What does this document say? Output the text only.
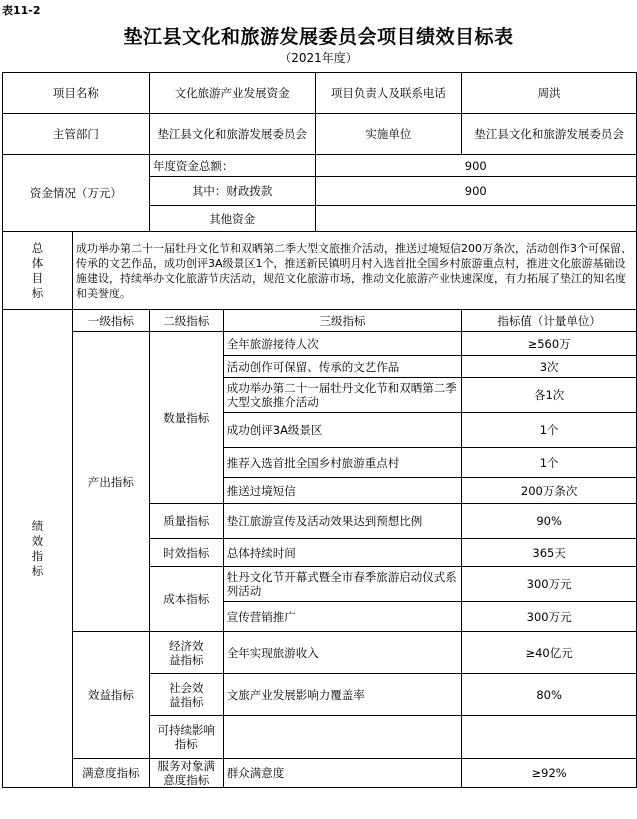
表11-2
垫江县文化和旅游发展委员会项目绩效目标表
（2021年度）
项目名称		文化旅游产业发展资金		项目负责人及联系电话	周洪
主管部门		垫江县文化和旅游发展委员会		实施单位	垫江县文化和旅游发展委员会
资金情况（万元）		年度资金总额：		900	
		其中：财政拨款		900	
		其他资金			
总体目标	成功举办第二十一届牡丹文化节和双晒第二季大型文旅推介活动，推送过境短信200万条次，活动创作3个可保留、传承的文艺作品，成功创评3A级景区1个，推送新民镇明月村入选首批全国乡村旅游重点村，推进文化旅游基础设施建设，持续举办文化旅游节庆活动，规范文化旅游市场，推动文化旅游产业快速深度，有力拓展了垫江的知名度和美誉度。				
绩效指标	一级指标	二级指标	三级指标		指标值（计量单位）
	产出指标	数量指标	全年旅游接待人次		≥560万
			活动创作可保留、传承的文艺作品		3次
			成功举办第二十一届牡丹文化节和双晒第二季大型文旅推介活动		各1次
			成功创评3A级景区		1个
			推荐入选首批全国乡村旅游重点村		1个
			推送过境短信		200万条次
		质量指标	垫江旅游宣传及活动效果达到预想比例		90%
		时效指标	总体持续时间		365天
		成本指标	牡丹文化节开幕式暨全市春季旅游启动仪式系列活动		300万元
			宣传营销推广		300万元
	效益指标	经济效益指标	全年实现旅游收入		≥40亿元
		社会效益指标	文旅产业发展影响力覆盖率		80%
		可持续影响指标			
	满意度指标	服务对象满意度指标	群众满意度		≥92%
